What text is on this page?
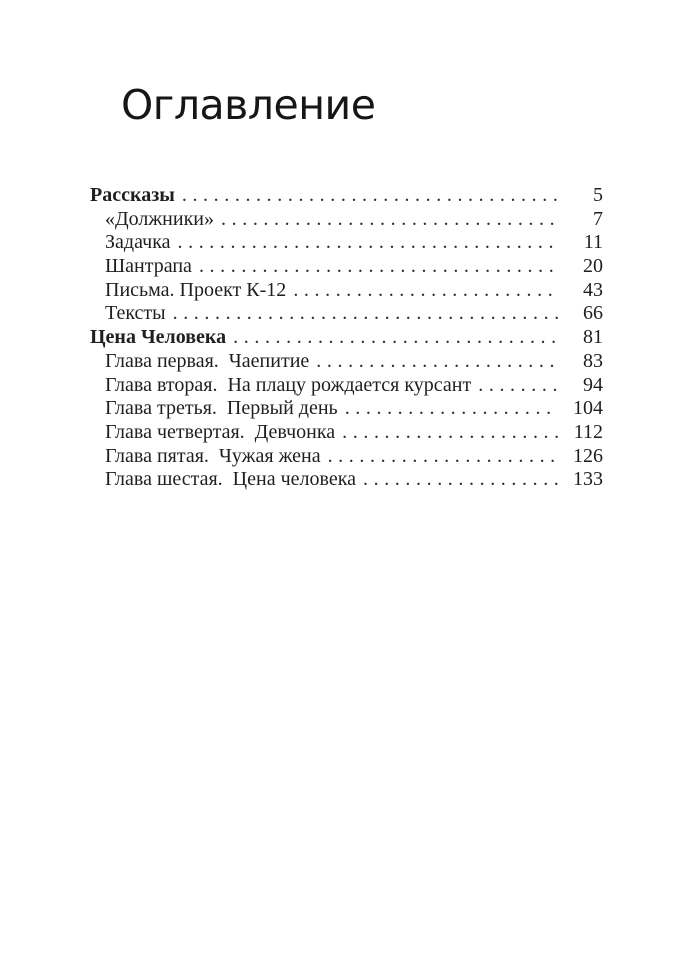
Оглавление
Рассказы .....	5
«Должники» .....	7
Задачка .....	11
Шантрапа .....	20
Письма. Проект К-12 .....	43
Тексты .....	66
Цена Человека .....	81
Глава первая. Чаепитие .....	83
Глава вторая. На плацу рождается курсант .....	94
Глава третья. Первый день .....	104
Глава четвертая. Девчонка .....	112
Глава пятая. Чужая жена .....	126
Глава шестая. Цена человека .....	133
